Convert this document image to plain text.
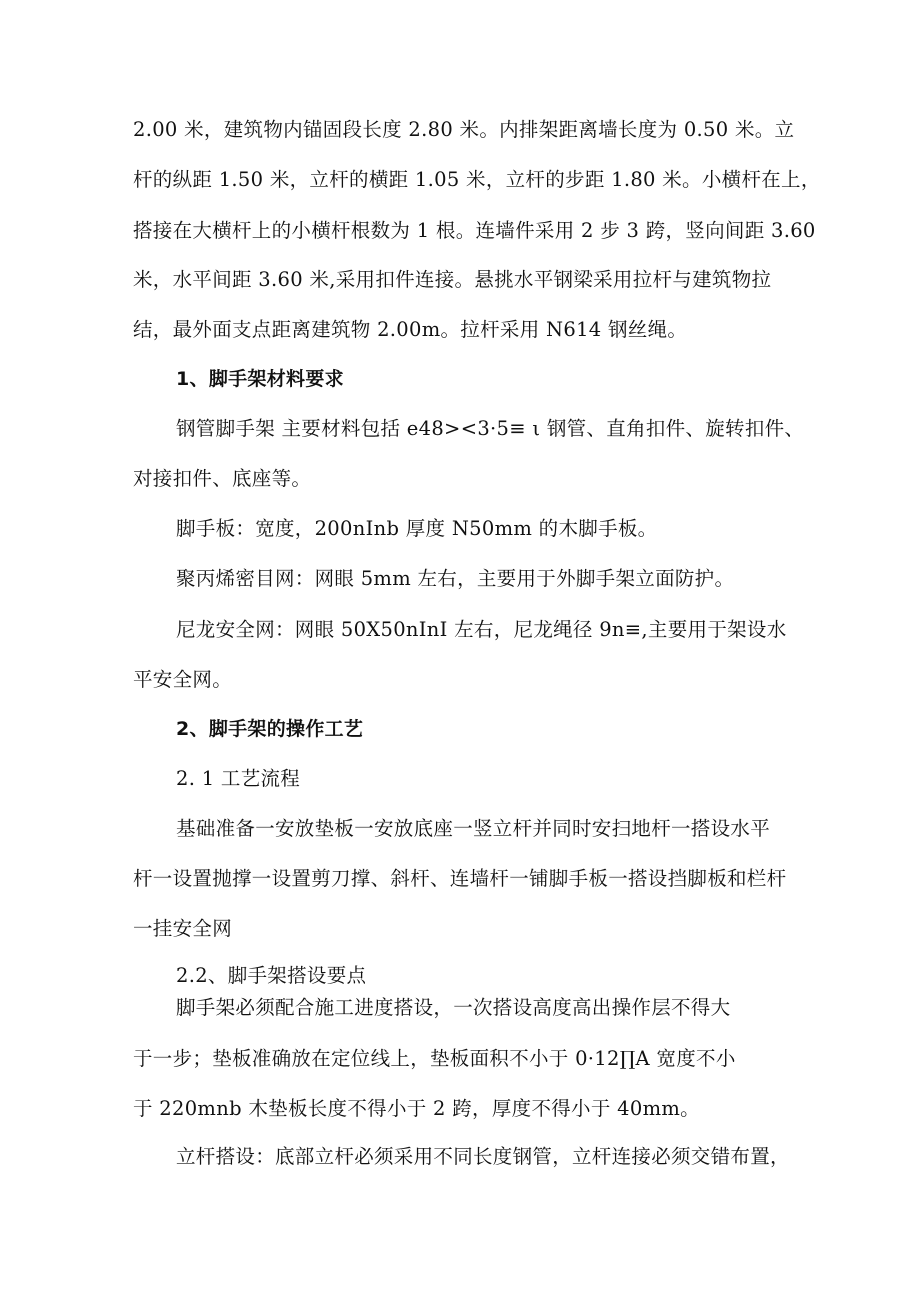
2.00 米，建筑物内锚固段长度 2.80 米。内排架距离墙长度为 0.50 米。立
杆的纵距 1.50 米，立杆的横距 1.05 米，立杆的步距 1.80 米。小横杆在上，
搭接在大横杆上的小横杆根数为 1 根。连墙件采用 2 步 3 跨，竖向间距 3.60
米，水平间距 3.60 米,采用扣件连接。悬挑水平钢梁采用拉杆与建筑物拉
结，最外面支点距离建筑物 2.00m。拉杆采用 N614 钢丝绳。
1、脚手架材料要求
钢管脚手架 主要材料包括 e48><3·5≡ ι 钢管、直角扣件、旋转扣件、
对接扣件、底座等。
脚手板：宽度，200nInb 厚度 N50mm 的木脚手板。
聚丙烯密目网：网眼 5mm 左右，主要用于外脚手架立面防护。
尼龙安全网：网眼 50X50nInI 左右，尼龙绳径 9n≡,主要用于架设水
平安全网。
2、脚手架的操作工艺
2. 1 工艺流程
基础准备一安放垫板一安放底座一竖立杆并同时安扫地杆一搭设水平
杆一设置抛撑一设置剪刀撑、斜杆、连墙杆一铺脚手板一搭设挡脚板和栏杆
一挂安全网
2.2、脚手架搭设要点
脚手架必须配合施工进度搭设，一次搭设高度高出操作层不得大
于一步；垫板准确放在定位线上，垫板面积不小于 0·12∏A 宽度不小
于 220mnb 木垫板长度不得小于 2 跨，厚度不得小于 40mm。
立杆搭设：底部立杆必须采用不同长度钢管，立杆连接必须交错布置，
